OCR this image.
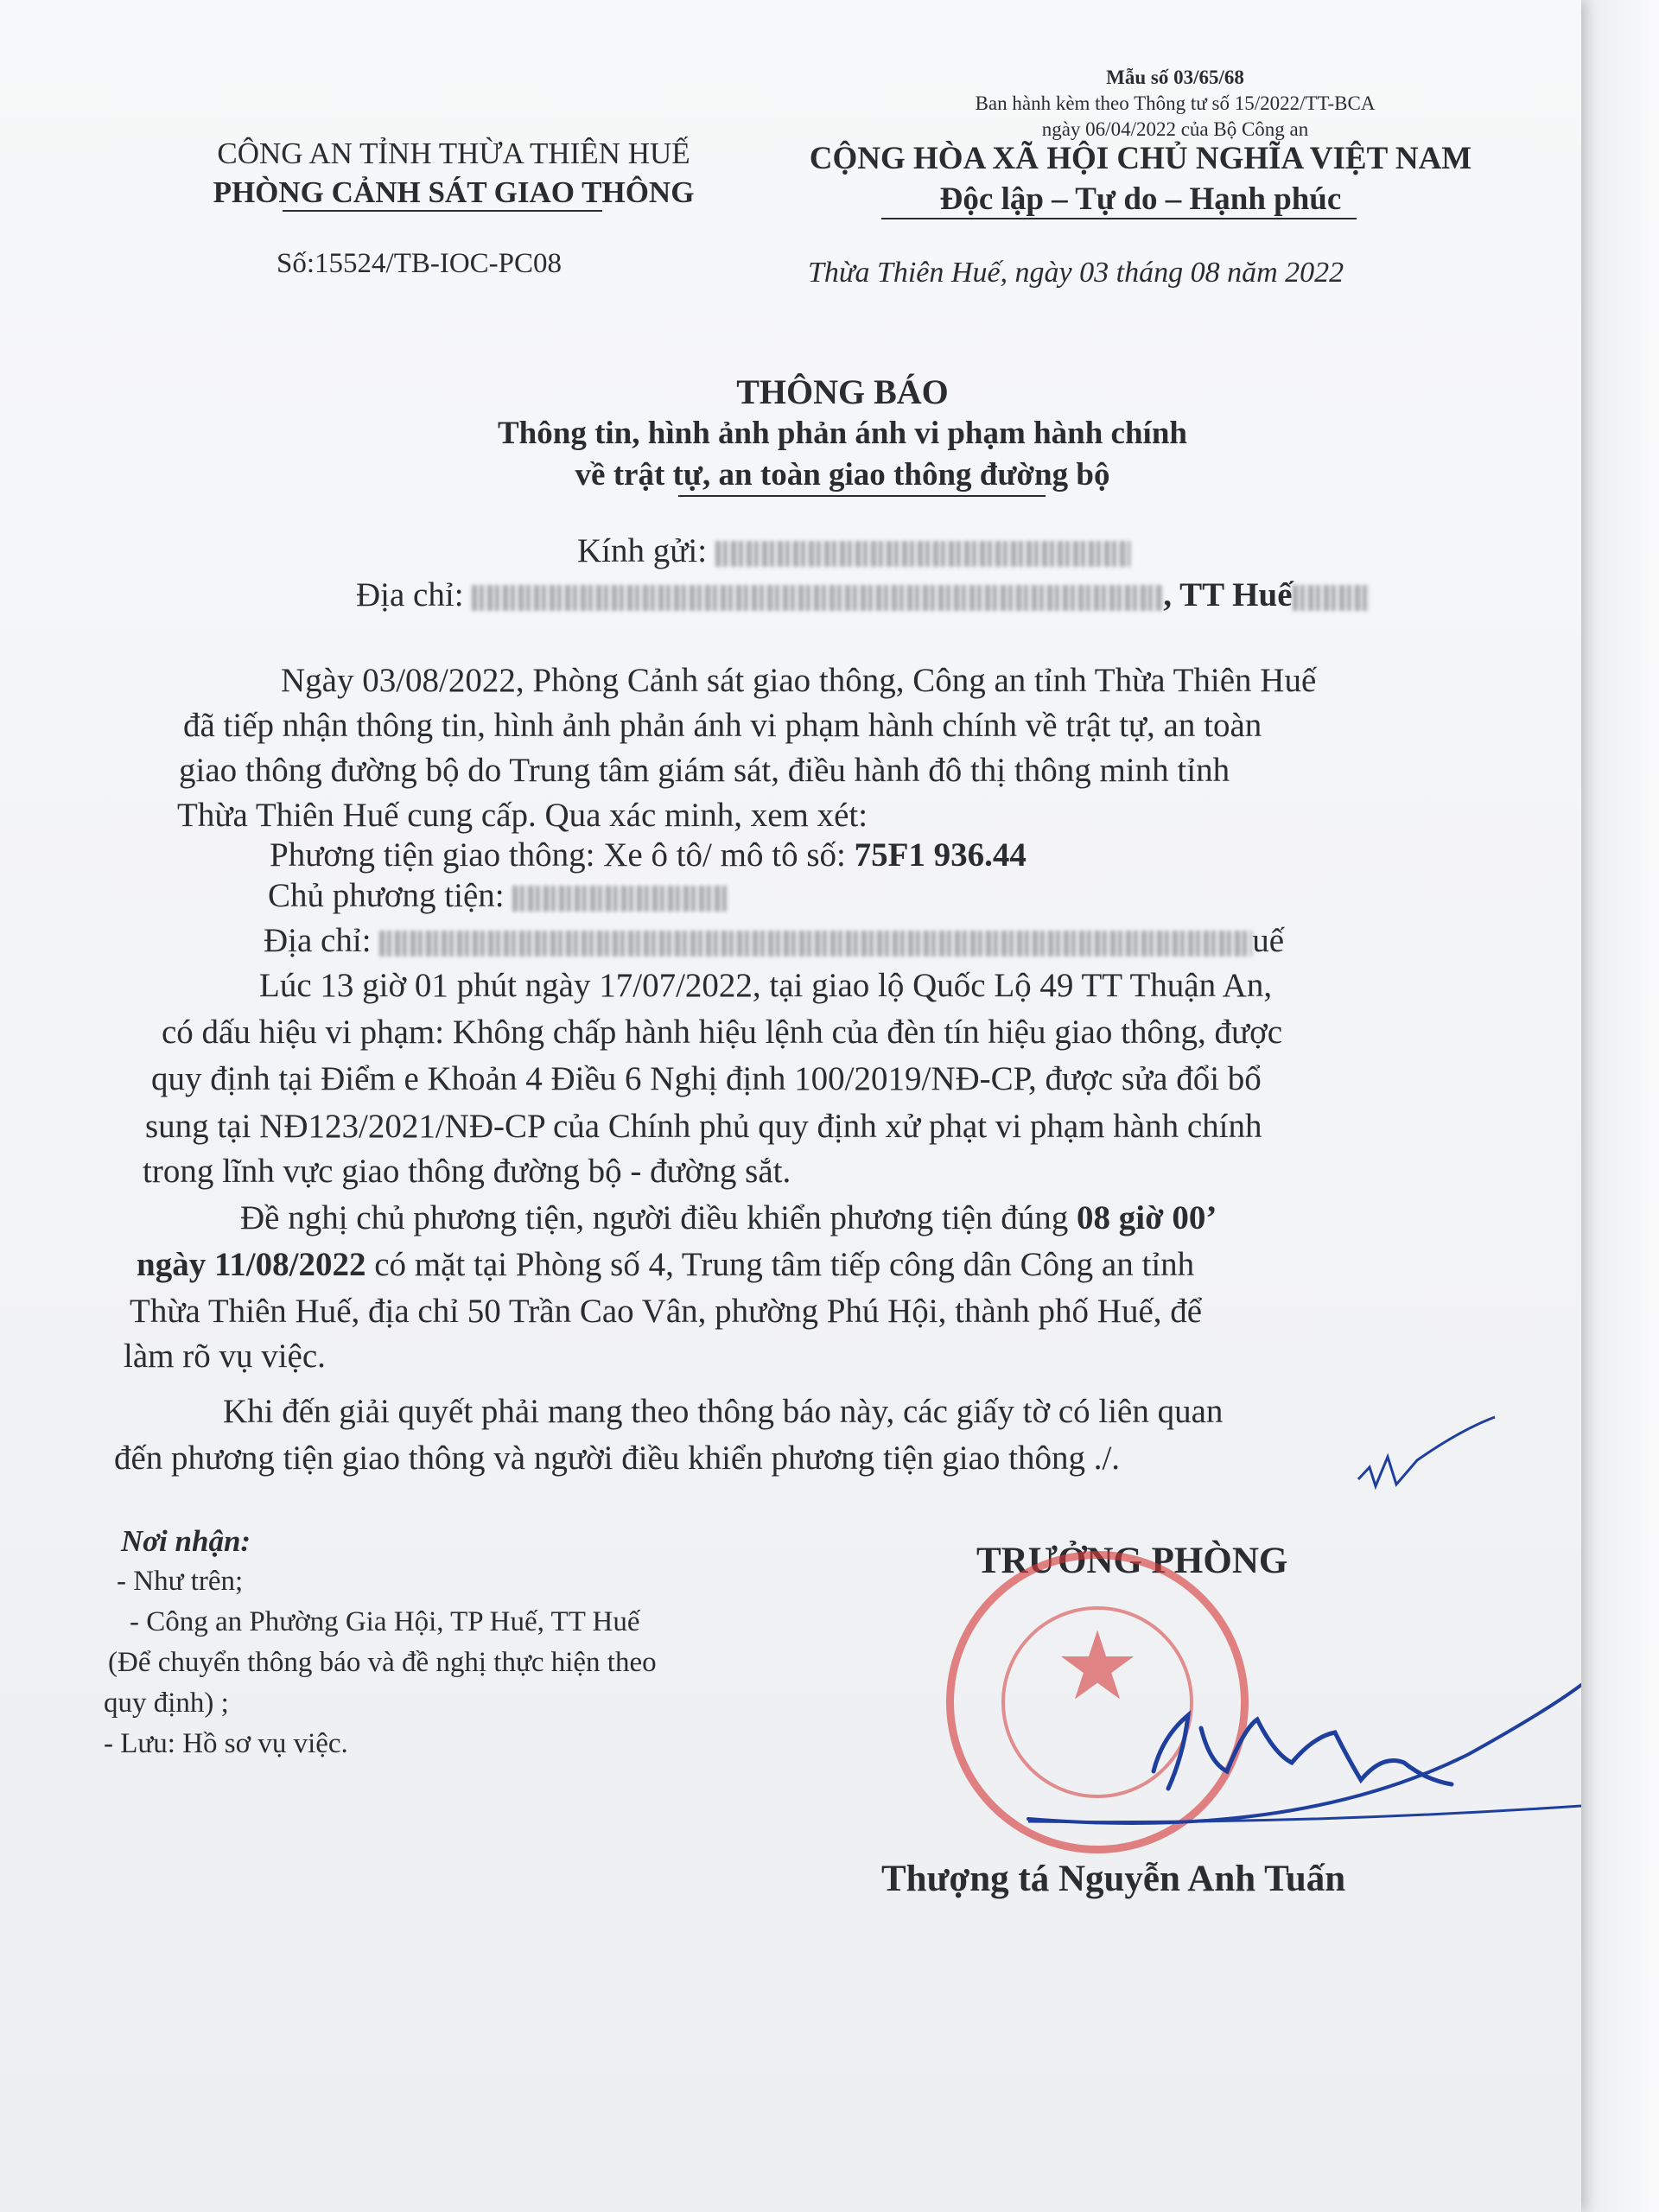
Mẫu số 03/65/68
Ban hành kèm theo Thông tư số 15/2022/TT-BCA
ngày 06/04/2022 của Bộ Công an
CÔNG AN TỈNH THỪA THIÊN HUẾ
PHÒNG CẢNH SÁT GIAO THÔNG
CỘNG HÒA XÃ HỘI CHỦ NGHĨA VIỆT NAM
Độc lập – Tự do – Hạnh phúc
Số:15524/TB-IOC-PC08	Thừa Thiên Huế, ngày 03 tháng 08 năm 2022
THÔNG BÁO
Thông tin, hình ảnh phản ánh vi phạm hành chính
về trật tự, an toàn giao thông đường bộ
Kính gửi:
Địa chỉ:	, TT Huế
Ngày 03/08/2022, Phòng Cảnh sát giao thông, Công an tỉnh Thừa Thiên Huế
đã tiếp nhận thông tin, hình ảnh phản ánh vi phạm hành chính về trật tự, an toàn
giao thông đường bộ do Trung tâm giám sát, điều hành đô thị thông minh tỉnh
Thừa Thiên Huế cung cấp. Qua xác minh, xem xét:
Phương tiện giao thông: Xe ô tô/ mô tô số: 75F1 936.44
Chủ phương tiện:
Địa chỉ:	uế
Lúc 13 giờ 01 phút ngày 17/07/2022, tại giao lộ Quốc Lộ 49 TT Thuận An,
có dấu hiệu vi phạm: Không chấp hành hiệu lệnh của đèn tín hiệu giao thông, được
quy định tại Điểm e Khoản 4 Điều 6 Nghị định 100/2019/NĐ-CP, được sửa đổi bổ
sung tại NĐ123/2021/NĐ-CP của Chính phủ quy định xử phạt vi phạm hành chính
trong lĩnh vực giao thông đường bộ - đường sắt.
Đề nghị chủ phương tiện, người điều khiển phương tiện đúng 08 giờ 00’
ngày 11/08/2022 có mặt tại Phòng số 4, Trung tâm tiếp công dân Công an tỉnh
Thừa Thiên Huế, địa chỉ 50 Trần Cao Vân, phường Phú Hội, thành phố Huế, để
làm rõ vụ việc.
Khi đến giải quyết phải mang theo thông báo này, các giấy tờ có liên quan
đến phương tiện giao thông và người điều khiển phương tiện giao thông ./.
Nơi nhận:
- Như trên;
- Công an Phường Gia Hội, TP Huế, TT Huế
(Để chuyển thông báo và đề nghị thực hiện theo
quy định) ;
- Lưu: Hồ sơ vụ việc.
TRƯỞNG PHÒNG
★
Thượng tá Nguyễn Anh Tuấn
